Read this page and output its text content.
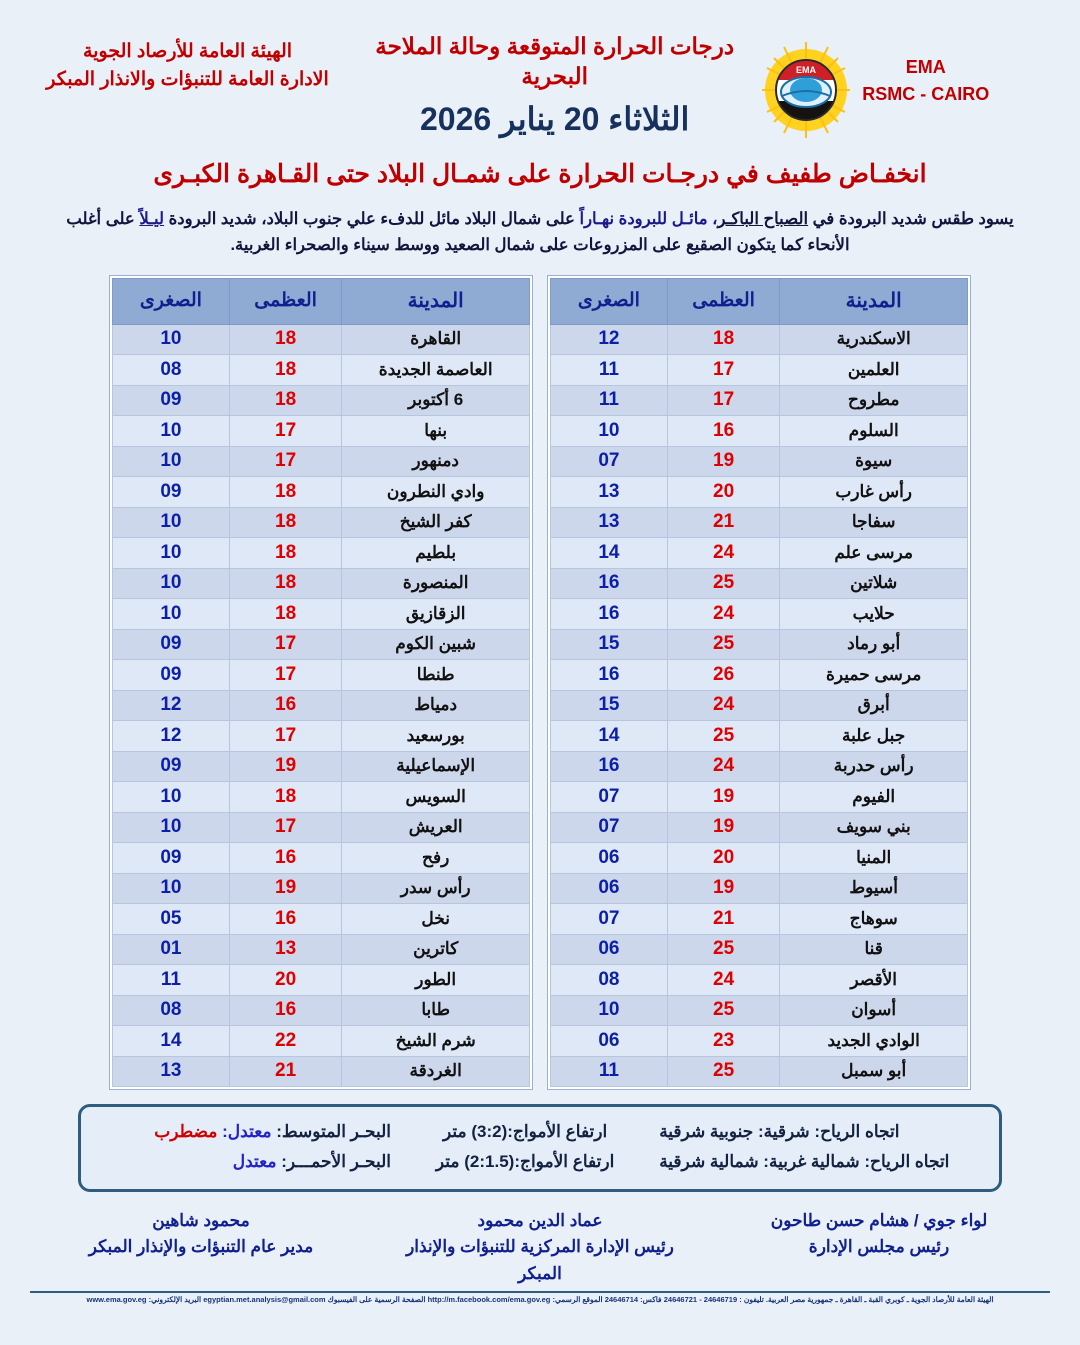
الهيئة العامة للأرصاد الجوية
الادارة العامة للتنبؤات والانذار المبكر
درجات الحرارة المتوقعة وحالة الملاحة البحرية
الثلاثاء 20 يناير 2026
EMA	EMA
RSMC - CAIRO
انخفـاض طفيف في درجـات الحرارة على شمـال البلاد حتى القـاهرة الكبـرى
يسود طقس شديد البرودة في الصباح الباكـر، مائـل للبرودة نهـاراً على شمال البلاد مائل للدفء علي جنوب البلاد، شديد البرودة ليـلاً على أغلب الأنحاء كما يتكون الصقيع على المزروعات على شمال الصعيد ووسط سيناء والصحراء الغربية.
المدينة	العظمى	الصغرى
القاهرة	18	10
العاصمة الجديدة	18	08
6 أكتوبر	18	09
بنها	17	10
دمنهور	17	10
وادي النطرون	18	09
كفر الشيخ	18	10
بلطيم	18	10
المنصورة	18	10
الزقازيق	18	10
شبين الكوم	17	09
طنطا	17	09
دمياط	16	12
بورسعيد	17	12
الإسماعيلية	19	09
السويس	18	10
العريش	17	10
رفح	16	09
رأس سدر	19	10
نخل	16	05
كاترين	13	01
الطور	20	11
طابا	16	08
شرم الشيخ	22	14
الغردقة	21	13
المدينة	العظمى	الصغرى
الاسكندرية	18	12
العلمين	17	11
مطروح	17	11
السلوم	16	10
سيوة	19	07
رأس غارب	20	13
سفاجا	21	13
مرسى علم	24	14
شلاتين	25	16
حلايب	24	16
أبو رماد	25	15
مرسى حميرة	26	16
أبرق	24	15
جبل علبة	25	14
رأس حدربة	24	16
الفيوم	19	07
بني سويف	19	07
المنيا	20	06
أسيوط	19	06
سوهاج	21	07
قنا	25	06
الأقصر	24	08
أسوان	25	10
الوادي الجديد	23	06
أبو سمبل	25	11
البحـر المتوسط: معتدل: مضطرب	ارتفاع الأمواج:(3:2) متر	اتجاه الرياح: شرقية: جنوبية شرقية
البحـر الأحمـــر: معتدل	ارتفاع الأمواج:(2:1.5) متر	اتجاه الرياح: شمالية غربية: شمالية شرقية
محمود شاهين
مدير عام التنبؤات والإنذار المبكر
عماد الدين محمود
رئيس الإدارة المركزية للتنبؤات والإنذار المبكر
لواء جوي / هشام حسن طاحون
رئيس مجلس الإدارة
الهيئة العامة للأرصاد الجوية ـ كوبري القبة ـ القاهرة ـ جمهورية مصر العربية. تليفون : 24646719 - 24646721 فاكس: 24646714 الموقع الرسمي: http://m.facebook.com/ema.gov.eg الصفحة الرسمية على الفيسبوك egyptian.met.analysis@gmail.com البريد الإلكتروني: www.ema.gov.eg
